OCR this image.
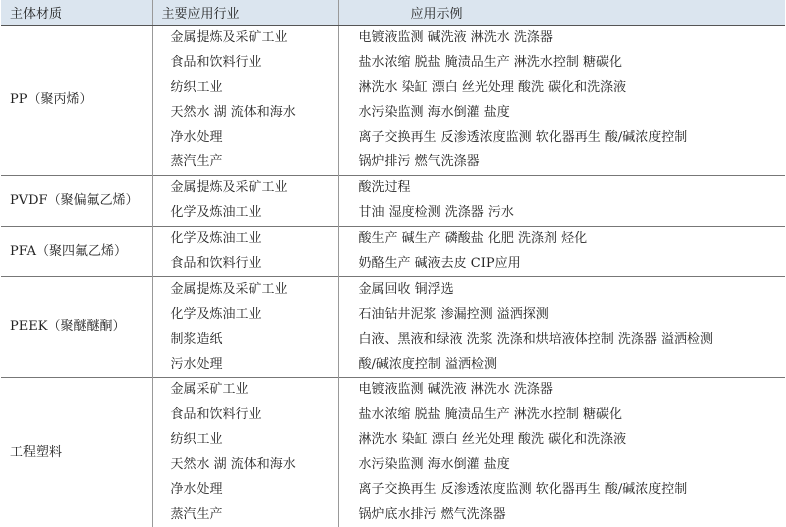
主体材质	主要应用行业	应用示例
PP（聚丙烯）	金属提炼及采矿工业	电镀液监测 碱洗液 淋洗水 洗涤器
	食品和饮料行业	盐水浓缩 脱盐 腌渍品生产 淋洗水控制 糖碳化
	纺织工业	淋洗水 染缸 漂白 丝光处理 酸洗 碳化和洗涤液
	天然水 湖 流体和海水	水污染监测 海水倒灌 盐度
	净水处理	离子交换再生 反渗透浓度监测 软化器再生 酸/碱浓度控制
	蒸汽生产	锅炉排污 燃气洗涤器
PVDF（聚偏氟乙烯）	金属提炼及采矿工业	酸洗过程
	化学及炼油工业	甘油 湿度检测 洗涤器 污水
PFA（聚四氟乙烯）	化学及炼油工业	酸生产 碱生产 磷酸盐 化肥 洗涤剂 烃化
	食品和饮料行业	奶酪生产 碱液去皮 CIP应用
PEEK（聚醚醚酮）	金属提炼及采矿工业	金属回收 铜浮选
	化学及炼油工业	石油钻井泥浆 渗漏控测 溢洒探测
	制浆造纸	白液、黑液和绿液 洗浆 洗涤和烘培液体控制 洗涤器 溢洒检测
	污水处理	酸/碱浓度控制 溢洒检测
工程塑料	金属采矿工业	电镀液监测 碱洗液 淋洗水 洗涤器
	食品和饮料行业	盐水浓缩 脱盐 腌渍品生产 淋洗水控制 糖碳化
	纺织工业	淋洗水 染缸 漂白 丝光处理 酸洗 碳化和洗涤液
	天然水 湖 流体和海水	水污染监测 海水倒灌 盐度
	净水处理	离子交换再生 反渗透浓度监测 软化器再生 酸/碱浓度控制
	蒸汽生产	锅炉底水排污 燃气洗涤器
